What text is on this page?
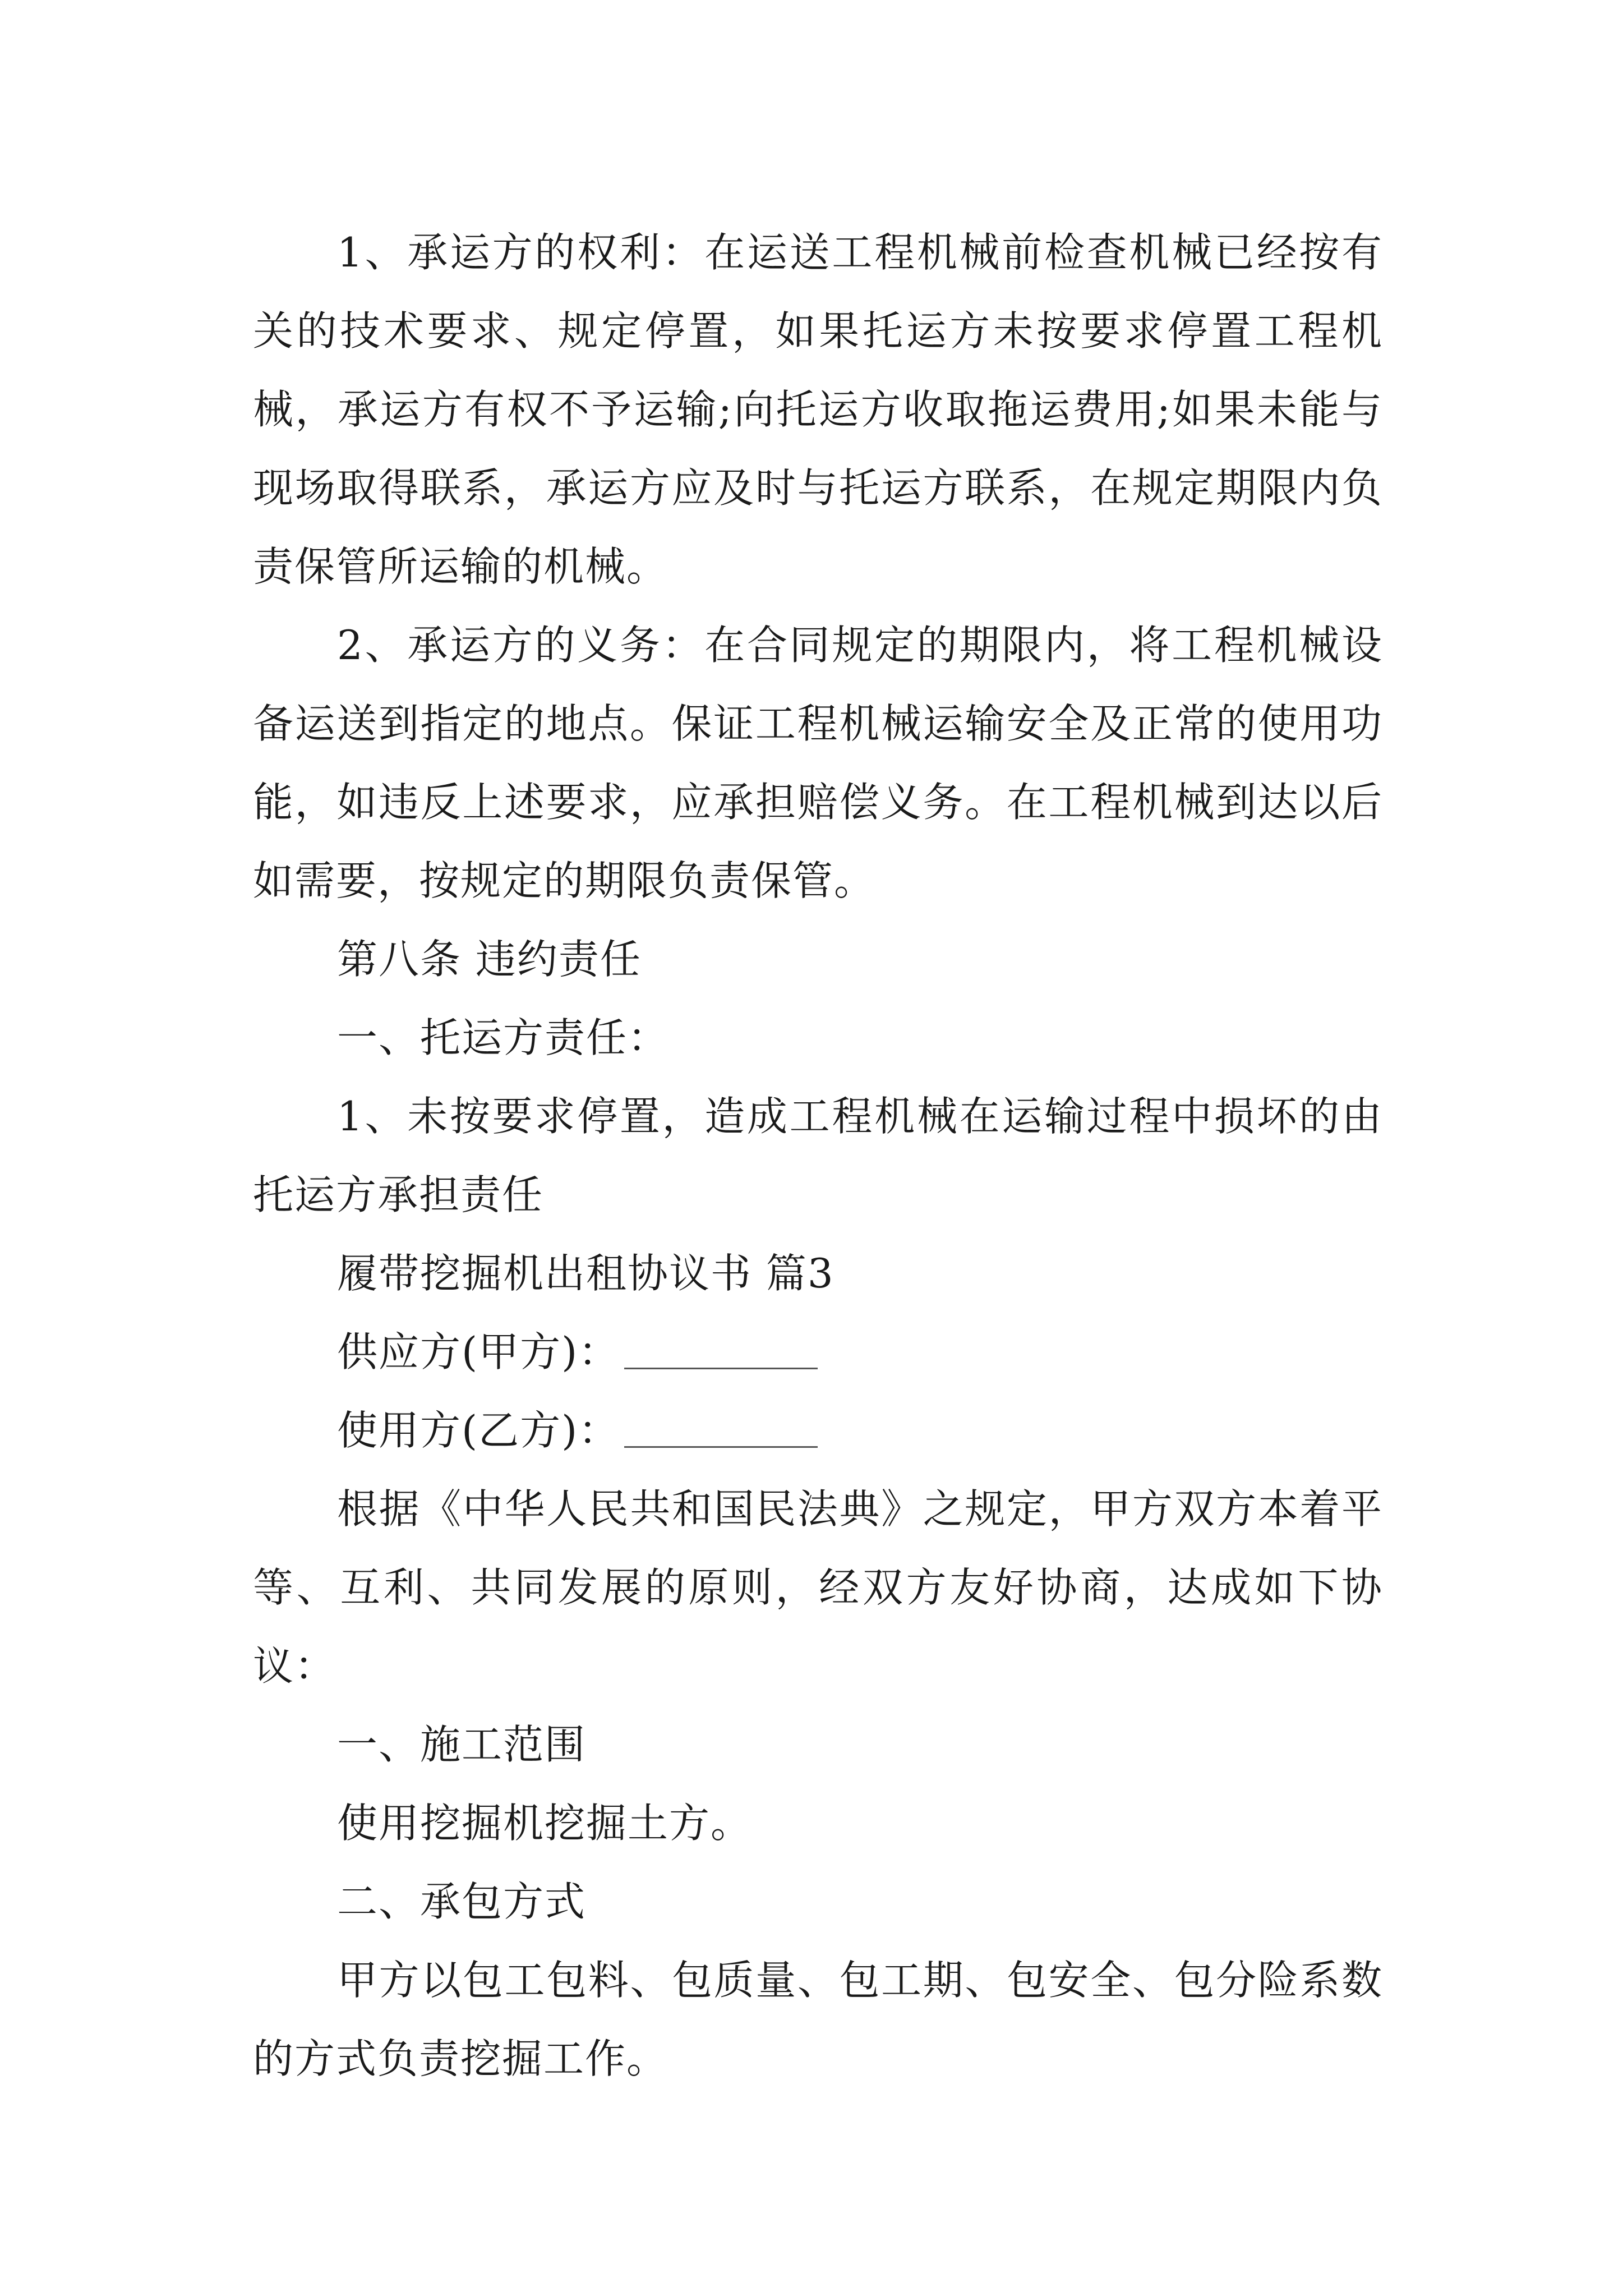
1、承运方的权利：在运送工程机械前检查机械已经按有关的技术要求、规定停置，如果托运方未按要求停置工程机械，承运方有权不予运输;向托运方收取拖运费用;如果未能与现场取得联系，承运方应及时与托运方联系，在规定期限内负责保管所运输的机械。

2、承运方的义务：在合同规定的期限内，将工程机械设备运送到指定的地点。保证工程机械运输安全及正常的使用功能，如违反上述要求，应承担赔偿义务。在工程机械到达以后如需要，按规定的期限负责保管。

第八条 违约责任

一、托运方责任：

1、未按要求停置，造成工程机械在运输过程中损坏的由托运方承担责任

履带挖掘机出租协议书 篇3

供应方(甲方)：

使用方(乙方)：

根据《中华人民共和国民法典》之规定，甲方双方本着平等、互利、共同发展的原则，经双方友好协商，达成如下协议：

一、施工范围

使用挖掘机挖掘土方。

二、承包方式

甲方以包工包料、包质量、包工期、包安全、包分险系数的方式负责挖掘工作。
